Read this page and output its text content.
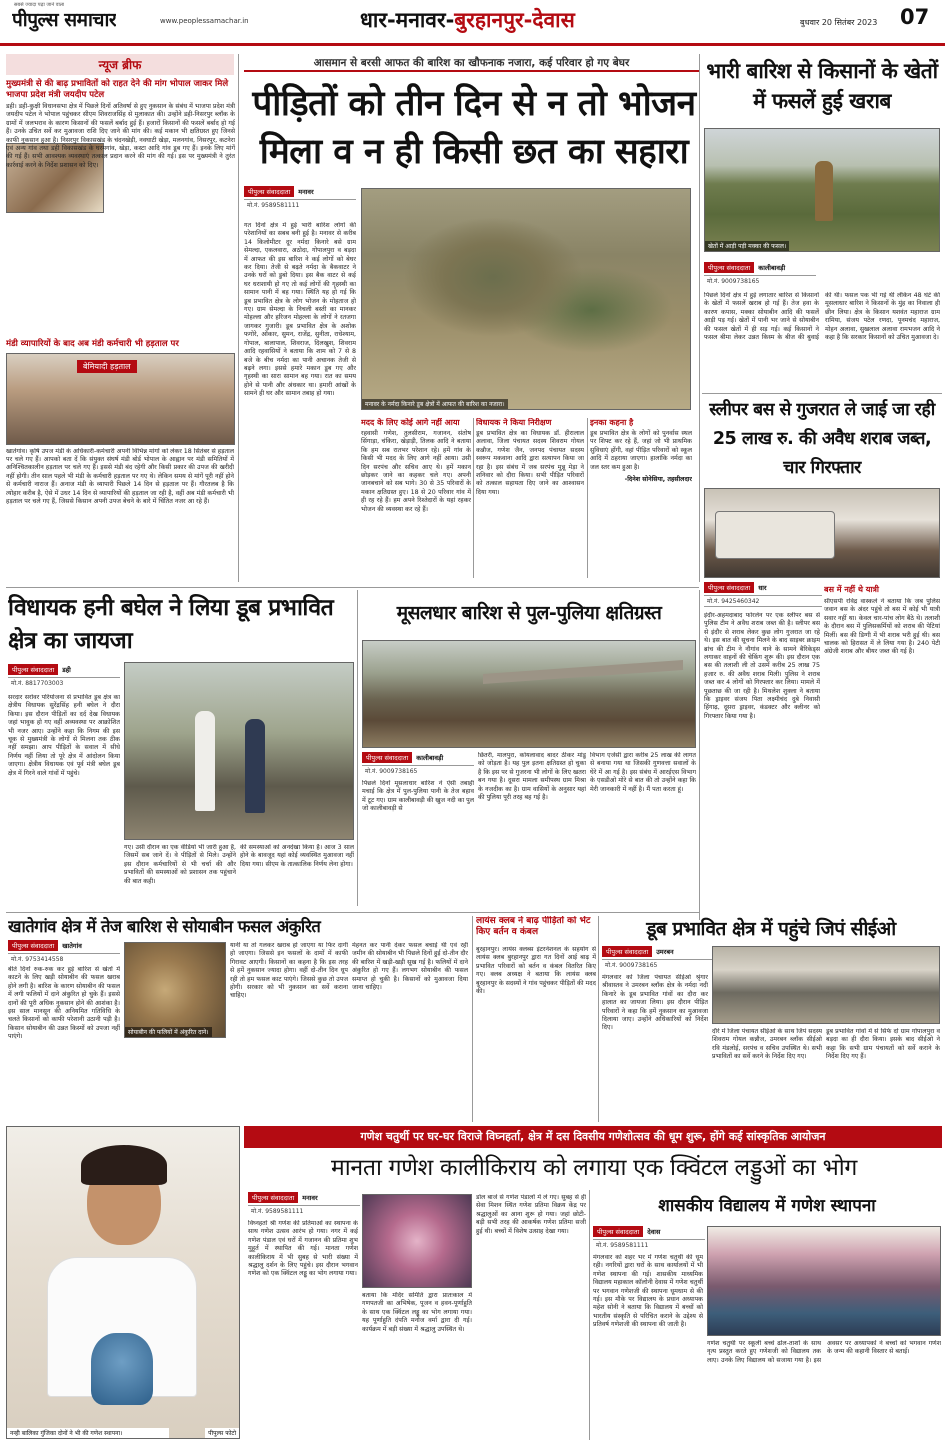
सबसे ज्यादा पढ़ा जाने वाला
पीपुल्स समाचार	www.peoplessamachar.in	धार-मनावर-बुरहानपुर-देवास	बुधवार 20 सितंबर 2023 07
न्यूज ब्रीफ
मुख्यमंत्री से की बाढ़ प्रभावितों को राहत देने की मांग भोपाल जाकर मिले भाजपा प्रदेश मंत्री जयदीप पटेल
डही। डही-कुक्षी विधानसभा क्षेत्र में पिछले दिनों अतिवर्षा से हुए नुकसान के संबंध में भाजपा प्रदेश मंत्री जयदीप पटेल ने भोपाल पहुंचकर सीएम शिवराजसिंह से मुलाकात की। उन्होंने डही-निसरपुर ब्लॉक के ग्रामों में जलभराव के कारण किसानों की फसलें बर्बाद हुई हैं। हजारों किसानों की फसलें बर्बाद हो गई हैं। उनके उचित सर्वे कर मुआवजा राशि दिए जाने की मांग की। कई मकान भी क्षतिग्रस्त हुए जिनसे काफी नुकसान हुआ है। निसरपुर विकासखंड के चंदनखेड़ी, नवघाटी खेड़ा, मलनगांव, निसरपुर, कटनेरा एवं अन्य गांव तथा डही विकासखंड के घरमगांव, खेड़ा, कस्टा आदि गांव डूब गए हैं। इनके लिए मांगें की गई हैं। सभी आवश्यक व्यवस्थाएं तत्काल प्रदान करने की मांग की गई। इस पर मुख्यमंत्री ने तुरंत कार्रवाई करने के निर्देश प्रशासन को दिए।
मंडी व्यापारियों के बाद अब मंडी कर्मचारी भी हड़ताल पर
बेमियादी हड़ताल
खातेगांव। कृषि उपज मंडी के अधिकारी-कर्मचारी अपनी विभिन्न मांगों को लेकर 18 सितंबर से हड़ताल पर चले गए हैं। आपको बता दें कि संयुक्त संघर्ष मंडी बोर्ड भोपाल के आह्वान पर मंडी समितियों में अनिश्चितकालीन हड़ताल पर चले गए हैं। इससे मंडी बंद रहेगी और किसी प्रकार की उपज की खरीदी नहीं होगी। तीन साल पहले भी मंडी के कर्मचारी हड़ताल पर गए थे। लेकिन समय से मांगें पूरी नहीं होने से कर्मचारी नाराज हैं। अनाज मंडी के व्यापारी पिछले 14 दिन से हड़ताल पर हैं। गौरतलब है कि त्योहार करीब है, ऐसे में उधर 14 दिन से व्यापारियों की हड़ताल जा रही है, वहीं अब मंडी कर्मचारी भी हड़ताल पर चले गए हैं, जिससे किसान अपनी उपज बेचने के बारे में चिंतित नजर आ रहे हैं।
आसमान से बरसी आफत की बारिश का खौफनाक नजारा, कई परिवार हो गए बेघर
पीड़ितों को तीन दिन से न तो भोजन मिला व न ही किसी छत का सहारा
पीपुल्स संवाददाता	मनावर
मो.नं. 9589581111
गत दिनों क्षेत्र में हुई भारी बारिश लोगों की परेशानियों का सबब बनी हुई है। मनावर से करीब 14 किलोमीटर दूर नर्मदा किनारे बसे ग्राम सेमल्दा, एकलवारा, अठोदा, गोपालपुरा व बड़दा में आफत की इस बारिश ने कई लोगों को बेघर कर दिया। तेजी से बढ़ते नर्मदा के बैकवाटर ने उनके घरों को डुबो दिया। इस बैक वाटर से कई घर धराशायी हो गए तो कई लोगों की गृहस्थी का सामान पानी में बह गया। स्थिति यह हो गई कि डूब प्रभावित क्षेत्र के लोग भोजन के मोहताज हो गए। ग्राम सेमल्दा के निचली बस्ती का मानकर मोहल्ला और हरिजन मोहल्ला के लोगों ने रतजगा जागकर गुजारी। डूब प्रभावित क्षेत्र के अशोक फगोरे, ओंकार, सुमन, राजेंद्र, सुनीता, राधेश्याम, गोपाल, बालापाल, शिवराज, दिलखुश, शिवराम आदि रहवासियों ने बताया कि शाम को 7 से 8 बजे के बीच नर्मदा का पानी अचानक तेजी से बढ़ने लगा। इससे हमारे मकान डूब गए और गृहस्थी का सारा सामान बह गया। रात का समय होने से पानी और अंधकार था। हमारी आंखों के सामने ही घर और सामान तबाह हो गया।
मनावर के नर्मदा किनारे डूब क्षेत्रों में आफत की बारिश का नजारा।
मदद के लिए कोई आगे नहीं आया
रहवासी गणेश, तुलसीराम, गजानन, संतोष सिंगाड़ा, चंकिरा, खेड़ाड़ी, तिलक आदि ने बताया कि हम सब रातभर परेशान रहे। हमें गांव के किसी भी मदद के लिए आगे नहीं आया। उसी दिन सरपंच और सचिव आए थे। हमें मकान छोड़कर जाने का कहकर चले गए। अपनी जानबचाने को सब भागे। 30 से 35 परिवारों के मकान क्षतिग्रस्त हुए। 18 से 20 परिवार गांव में ही रह रहे हैं। हम अपने रिश्तेदारों के यहां रहकर भोजन की व्यवस्था कर रहे हैं।
विधायक ने किया निरीक्षण
डूब प्रभावित क्षेत्र का विधायक डॉ. हीरालाल अलावा, जिला पंचायत सदस्य शिवराम गोयल कन्नौज, गणेश जैन, जनपद पंचायत सदस्य स्वरूप मकवाना आदि द्वारा सत्यापन किया जा रहा है। इस संबंध में जब सरपंच मुन्नू मेड़ा ने शनिवार को दौरा किया। सभी पीड़ित परिवारों को तत्काल सहायता दिए जाने का आश्वासन दिया गया।
इनका कहना है
डूब प्रभावित क्षेत्र के लोगों को पुनर्वास स्थल पर शिफ्ट कर रहे हैं, जहां जो भी प्राथमिक सुविधाएं होंगी, वहां पीड़ित परिवारों को स्कूल आदि में ठहराया जाएगा। हालांकि नर्मदा का जल स्तर कम हुआ है।
-दिनेश सोनेसिया, तहसीलदार
भारी बारिश से किसानों के खेतों में फसलें हुई खराब
खेतों में आड़ी पड़ी मक्का की फसल।
पीपुल्स संवाददाता	कालीबावड़ी
मो.नं. 9009738165
पिछले दिनों क्षेत्र में हुई लगातार बारिश से किसानों के खेतों में फसलें खराब हो गई हैं। तेज हवा के कारण कपास, मक्का सोयाबीन आदि की फसलें आड़ी पड़ गई। खेतों में पानी भर जाने से सोयाबीन की फसल खेतों में ही सड़ गई। कई किसानों ने फसल बीमा लेकर उन्नत किस्म के बीज की बुवाई की थी। फसल पक भी गई थी लेकिन 48 घंटे की मूसलाधार बारिश ने किसानों के मुंह का निवाला ही छीन लिया। क्षेत्र के किसान यशवंत महाराज ग्राम रामिया, संजय पटेल रणदा, पूनमचंद महाराज, मोहन अलावा, सुखलाल अलावा रामभजन आदि ने कहा है कि सरकार किसानों को उचित मुआवजा दे।
स्लीपर बस से गुजरात ले जाई जा रही 25 लाख रु. की अवैध शराब जब्त, चार गिरफ्तार
पीपुल्स संवाददाता	धार
मो.नं. 9425460342
बस में नहीं थे यात्री
इंदौर-अहमदाबाद फोरलेन पर एक स्लीपर बस से पुलिस टीम ने अवैध शराब जब्त की है। स्लीपर बस से इंदौर से शराब लेकर कुछ लोग गुजरात जा रहे थे। इस बात की सूचना मिलने के बाद साइबर क्राइम ब्रांच की टीम ने नौगांव थाने के सामने बैरिकेड्स लगाकर वाहनों की चेकिंग शुरू की। इस दौरान एक बस की तलाशी ली तो उसमें करीब 25 लाख 75 हजार रु. की अवैध शराब मिली। पुलिस ने शराब जब्त कर 4 लोगों को गिरफ्तार कर लिया। मामले में पूछताछ की जा रही है। मिथलेश शुक्ला ने बताया कि ड्राइवर संजय पिता लक्ष्मीचंद दुबे निवासी हिंगाढ़, दूसरा ड्राइवर, कंडक्टर और क्लीनर को गिरफ्तार किया गया है।
सीएसपी रविंद्र वास्कले ने बताया कि जब पुलिस जवान बस के अंदर पहुंचे तो बस में कोई भी यात्री सवार नहीं था। केवल चार-पांच लोग बैठे थे। तलाशी के दौरान बस में पुलिसकर्मियों को शराब की पेटियां मिलीं। बस की डिग्गी में भी शराब भरी हुई थी। बस चालक को हिरासत में ले लिया गया है। 240 पेटी अंग्रेजी शराब और बीयर जब्त की गई है।
विधायक हनी बघेल ने लिया डूब प्रभावित क्षेत्र का जायजा
पीपुल्स संवाददाता	डही
मो.नं. 8817703003
सरदार सरोवर परियोजना से प्रभावित डूब क्षेत्र का क्षेत्रीय विधायक सुरेंद्रसिंह हनी बघेल ने दौरा किया। इस दौरान पीड़ितों का दर्द देख विधायक जहां भावुक हो गए वहीं अव्यवस्था पर आक्रोशित भी नजर आए। उन्होंने कहा कि निगम की इस चूक से मुख्यमंत्री के लोगों से मिलना तक ठीक नहीं समझा। आप पीड़ितों के सवाल में सीधे निर्णय नहीं लिया तो पूरे क्षेत्र में आंदोलन किया जाएगा। क्षेत्रीय विधायक एवं पूर्व मंत्री बघेल डूब क्षेत्र में गिरने वाले गांवों में पहुंचे।
गए। उसी दौरान का एक वीडियो भी जारी हुआ है, जिसमें सब जाने दें। वे पीड़ितों से मिले। उन्होंने इस दौरान कर्मचारियों से भी चर्चा की और प्रभावितों की समस्याओं को प्रशासन तक पहुंचाने की बात कही।
की समस्याओं को अनदेखा किया है। आज 3 साल होने के बावजूद यहां कोई व्यवस्थित मुआवजा नहीं दिया गया। सीएम के तात्कालिक निर्णय लेना होगा।
मूसलधार बारिश से पुल-पुलिया क्षतिग्रस्त
पीपुल्स संवाददाता	कालीबावड़ी
मो.नं. 9009738165
पिछले दिनों मूसलाधार बारिश ने ऐसी तबाही मचाई कि क्षेत्र में पुल-पुलिया पानी के तेज बहाव में टूट गए। ग्राम कालीबावड़ी की खुज नदी का पुल जो कालीबावड़ी से
छितरी, मालपुरा, कोयलावाद बादर ठीकर मांडू को जोड़ता है। यह पुल इतना क्षतिग्रस्त हो चुका है कि इस पर से गुजरना भी लोगों के लिए खतरा बन गया है। दूसरा मामला समीपस्थ ग्राम मिश्रा के नजदीक का है। ग्राम वासियों के अनुसार यहां की पुलिया पूरी तरह बह गई है।
विभाग एजेंसी द्वारा करीब 25 लाख की लागत से बनाया गया था जिसकी गुणवत्ता सवालों के घेरे में आ गई है। इस संबंध में आरईएस विभाग के एसडीओ मोरे से बात की तो उन्होंने कहा कि मेरी जानकारी में नहीं है। मैं पता करता हूं।
खातेगांव क्षेत्र में तेज बारिश से सोयाबीन फसल अंकुरित
पीपुल्स संवाददाता	खातेगांव
मो.नं. 9753414558
बीते दिनों रुक-रुक कर हुई बारिश से खेतों में काटने के लिए खड़ी सोयाबीन की फसल खराब होने लगी है। बारिश के कारण सोयाबीन की फसल में लगी फलियों में दाने अंकुरित हो चुके हैं। इससे दानों की पूरी अधिक नुकसान होने की आशंका है। इस साल मानसून की अनियमित गतिविधि के चलते किसानों को काफी परेशानी उठानी पड़ी है। किसान सोयाबीन की उन्नत किस्मों को उपजा नहीं पाएंगे।
सोयाबीन की फलियों में अंकुरित दाने।
यानी या तो गलकर खराब हो जाएगा या फिर दागी हो जाएगा। जिससे इन फसलों के दामों में काफी गिरावट आएगी। किसानों का कहना है कि इस तरह से हमें नुकसान ज्यादा होगा। वहीं दो-तीन दिन धूप रही तो हम फसल काट पाएंगे। जिससे कुछ तो उपज होगी। सरकार को भी नुकसान का सर्वे कराना चाहिए।
मेहनत कर पानी देकर फसल बचाई थी एवं रही जमीन की सोयाबीन भी पिछले दिनों हुई दो-तीन दौर की बारिश में खड़ी-खड़ी सूख गई है। फलियों में दाने अंकुरित हो गए हैं। लगभग सोयाबीन की फसल समाप्त हो चुकी है। किसानों को मुआवजा दिया जाना चाहिए।
लायंस क्लब ने बाढ़ पीड़ितों को भेंट किए बर्तन व कंबल
बुरहानपुर। लायंस क्लब्स इंटरनेशनल के सहयोग से लायंस क्लब बुरहानपुर द्वारा गत दिनों आई बाढ़ में प्रभावित परिवारों को बर्तन व कंबल वितरित किए गए। क्लब अध्यक्ष ने बताया कि लायंस क्लब बुरहानपुर के सदस्यों ने गांव पहुंचकर पीड़ितों की मदद की।
डूब प्रभावित क्षेत्र में पहुंचे जिपं सीईओ
पीपुल्स संवाददाता	उमरबन
मो.नं. 9009738165
मंगलवार को जिला पंचायत सीईओ श्रृंगार श्रीवास्तव ने उमरबन ब्लॉक क्षेत्र के नर्मदा नदी किनारे के डूब प्रभावित गांवों का दौरा कर हालात का जायजा लिया। इस दौरान पीड़ित परिवारों ने कहा कि हमें नुकसान का मुआवजा दिलाया जाए। उन्होंने अधिकारियों को निर्देश दिए।
दौरे में जिला पंचायत सीईओ के साथ जिपं सदस्य शिवराम गोयल कन्नौज, उमरबन ब्लॉक सीईओ रवि मंडलोई, सरपंच व सचिव उपस्थित थे। सभी प्रभावितों का सर्वे करने के निर्देश दिए गए।
डूब प्रभावित गांवों में से सिर्फ दो ग्राम गोपालपुरा व बड़दा का ही दौरा किया। इसके बाद सीईओ ने कहा कि सभी ग्राम पंचायतों को सर्वे कराने के निर्देश दिए गए हैं।
गणेश चतुर्थी पर घर-घर विराजे विघ्नहर्ता, क्षेत्र में दस दिवसीय गणेशोत्सव की धूम शुरू, होंगे कई सांस्कृतिक आयोजन
नन्ही बालिका गुंजिका दोनों ने भी की गणेश स्थापना।	पीपुल्स फोटो
मानता गणेश कालीकिराय को लगाया एक क्विंटल लड्डुओं का भोग
पीपुल्स संवाददाता	मनावर
मो.नं. 9589581111
विघ्नहर्ता श्री गणेश की प्रतिमाओं का स्थापना के साथ गणेश उत्सव आरंभ हो गया। नगर में कई गणेश पंडाल एवं घरों में गजानन की प्रतिमा शुभ मुहूर्त में स्थापित की गई। मानता गणेश कालीकिराय में भी सुबह से भारी संख्या में श्रद्धालु दर्शन के लिए पहुंचे। इस दौरान भगवान गणेश को एक क्विंटल लड्डू का भोग लगाया गया।
बताया कि मंदिर समिति द्वारा प्रातःकाल में गणपतजी का अभिषेक, पूजन व हवन-पूर्णाहुति के साथ एक क्विंटल लड्डू का भोग लगाया गया। यह पूर्णाहुति दंपति मनोज वर्मा द्वारा दी गई। कार्यक्रम में बड़ी संख्या में श्रद्धालु उपस्थित थे।
डोल बाजे से गणेश पंडालों में ले गए। सुबह से ही सेवा मिशन स्थित गणेश प्रतिमा विक्रय केंद्र पर श्रद्धालुओं का आना शुरू हो गया। जहां छोटी-बड़ी सभी तरह की आकर्षक गणेश प्रतिमा सजी हुई थी। बच्चों में विशेष उत्साह देखा गया।
शासकीय विद्यालय में गणेश स्थापना
पीपुल्स संवाददाता	देवास
मो.नं. 9589581111
मंगलवार को शहर भर में गणेश चतुर्थी की धूम रही। नगरियों द्वारा घरों के साथ कार्यालयों में भी गणेश स्थापना की गई। शासकीय माध्यमिक विद्यालय महाकाल कॉलोनी देवास में गणेश चतुर्थी पर भगवान गणेशजी की स्थापना धूमधाम से की गई। इस मौके पर विद्यालय के प्रधान अध्यापक महेश सोनी ने बताया कि विद्यालय में बच्चों को भारतीय संस्कृति से परिचित कराने के उद्देश्य से प्रतिवर्ष गणेशजी की स्थापना की जाती है।
गणेश चतुर्थी पर स्कूली बच्चे ढोल-ताशों के साथ नृत्य प्रस्तुत करते हुए गणेशजी को विद्यालय तक लाए। उनके लिए विद्यालय को सजाया गया है। इस अवसर पर अध्यापकों ने बच्चों को भगवान गणेश के जन्म की कहानी विस्तार से बताई।
